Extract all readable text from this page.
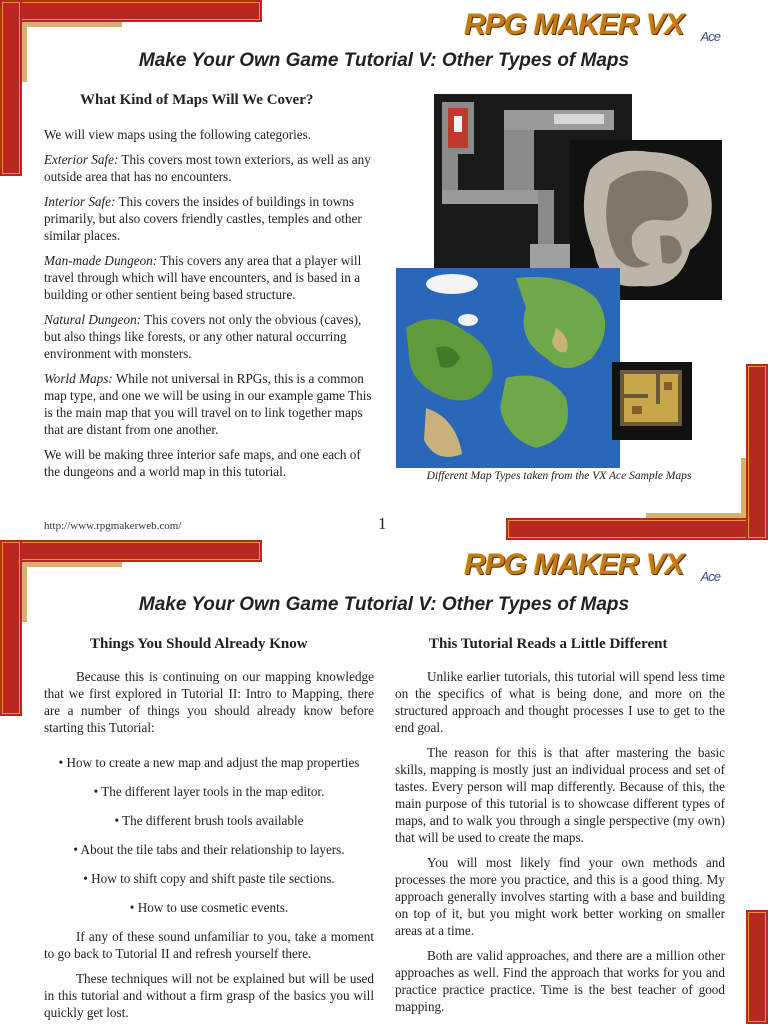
RPG MAKER VX Ace
Make Your Own Game Tutorial V: Other Types of Maps
What Kind of Maps Will We Cover?

We will view maps using the following categories.

Exterior Safe: This covers most town exteriors, as well as any outside area that has no encounters.

Interior Safe: This covers the insides of buildings in towns primarily, but also covers friendly castles, temples and other similar places.

Man-made Dungeon: This covers any area that a player will travel through which will have encounters, and is based in a building or other sentient being based structure.

Natural Dungeon: This covers not only the obvious (caves), but also things like forests, or any other natural occurring environment with monsters.

World Maps: While not universal in RPGs, this is a common map type, and one we will be using in our example game This is the main map that you will travel on to link together maps that are distant from one another.

We will be making three interior safe maps, and one each of the dungeons and a world map in this tutorial.	Different Map Types taken from the VX Ace Sample Maps
http://www.rpgmakerweb.com/	1
RPG MAKER VX Ace
Make Your Own Game Tutorial V: Other Types of Maps
Things You Should Already Know	This Tutorial Reads a Little Different

Because this is continuing on our mapping knowledge that we first explored in Tutorial II: Intro to Mapping, there are a number of things you should already know before starting this Tutorial:

• How to create a new map and adjust the map properties

• The different layer tools in the map editor.

• The different brush tools available

• About the tile tabs and their relationship to layers.

• How to shift copy and shift paste tile sections.

• How to use cosmetic events.

If any of these sound unfamiliar to you, take a moment to go back to Tutorial II and refresh yourself there.

These techniques will not be explained but will be used in this tutorial and without a firm grasp of the basics you will quickly get lost.

Unlike earlier tutorials, this tutorial will spend less time on the specifics of what is being done, and more on the structured approach and thought processes I use to get to the end goal.

The reason for this is that after mastering the basic skills, mapping is mostly just an individual process and set of tastes. Every person will map differently. Because of this, the main purpose of this tutorial is to showcase different types of maps, and to walk you through a single perspective (my own) that will be used to create the maps.

You will most likely find your own methods and processes the more you practice, and this is a good thing. My approach generally involves starting with a base and building on top of it, but you might work better working on smaller areas at a time.

Both are valid approaches, and there are a million other approaches as well. Find the approach that works for you and practice practice practice. Time is the best teacher of good mapping.
